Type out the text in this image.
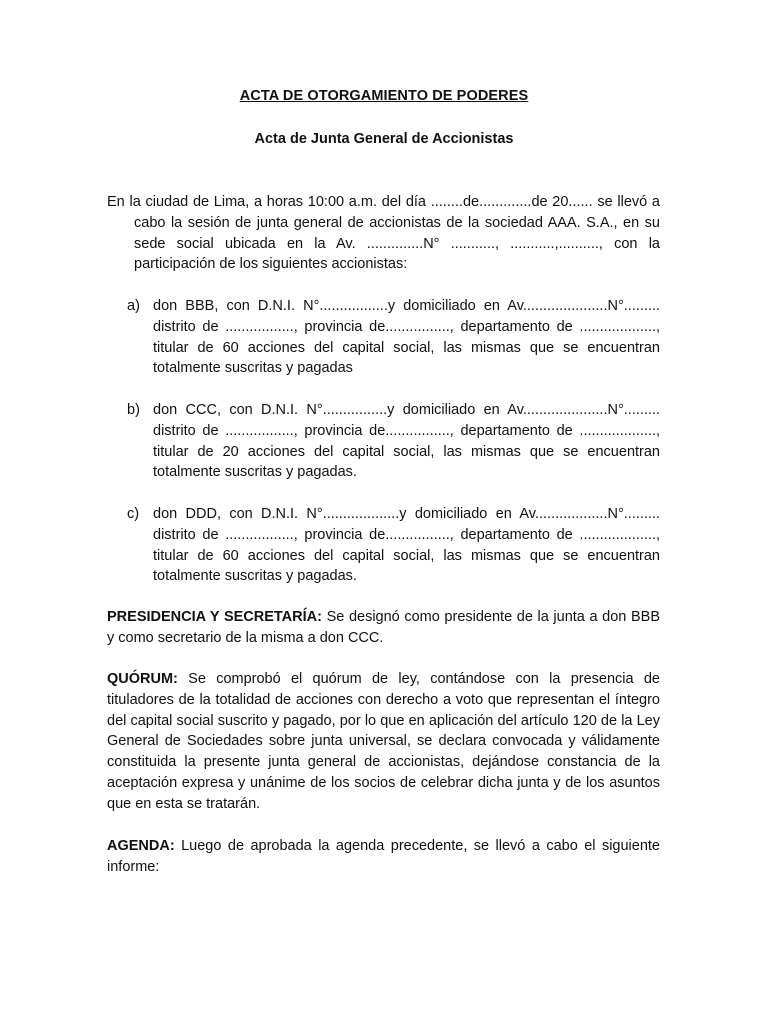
ACTA DE OTORGAMIENTO DE PODERES
Acta de Junta General de Accionistas
En la ciudad de Lima, a horas 10:00 a.m. del día ........de.............de 20...... se llevó a cabo la sesión de junta general de accionistas de la sociedad AAA. S.A., en su sede social ubicada en la Av. ..............N° ..........., ...........,.........., con la participación de los siguientes accionistas:
a) don BBB, con D.N.I. N°.................y domiciliado en Av.....................N°......... distrito de ................., provincia de................, departamento de ..................., titular de 60 acciones del capital social, las mismas que se encuentran totalmente suscritas y pagadas
b) don CCC, con D.N.I. N°................y domiciliado en Av.....................N°......... distrito de ................., provincia de................, departamento de ..................., titular de 20 acciones del capital social, las mismas que se encuentran totalmente suscritas y pagadas.
c) don DDD, con D.N.I. N°...................y domiciliado en Av..................N°......... distrito de ................., provincia de................, departamento de ..................., titular de 60 acciones del capital social, las mismas que se encuentran totalmente suscritas y pagadas.
PRESIDENCIA Y SECRETARÍA: Se designó como presidente de la junta a don BBB y como secretario de la misma a don CCC.
QUÓRUM: Se comprobó el quórum de ley, contándose con la presencia de tituladores de la totalidad de acciones con derecho a voto que representan el íntegro del capital social suscrito y pagado, por lo que en aplicación del artículo 120 de la Ley General de Sociedades sobre junta universal, se declara convocada y válidamente constituida la presente junta general de accionistas, dejándose constancia de la aceptación expresa y unánime de los socios de celebrar dicha junta y de los asuntos que en esta se tratarán.
AGENDA: Luego de aprobada la agenda precedente, se llevó a cabo el siguiente informe:
